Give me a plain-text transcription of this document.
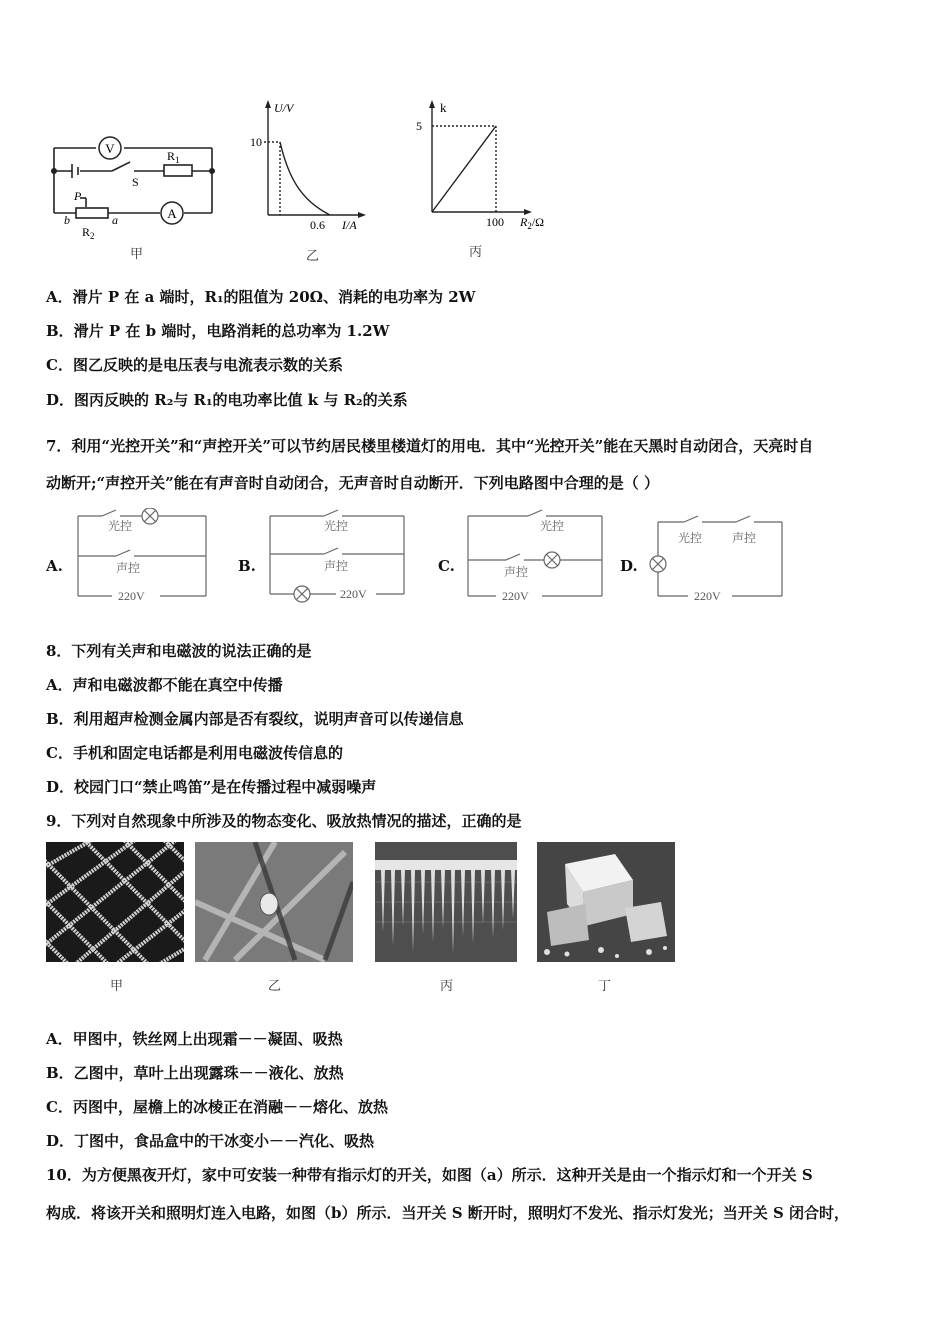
V
A
S
$R_1$
P
b	a
$R_2$
甲
U/V
I/A
10
0.6
乙
k
5
100 $R_2/\Omega$
丙
A．滑片 P 在 a 端时，R₁的阻值为 20Ω、消耗的电功率为 2W
B．滑片 P 在 b 端时，电路消耗的总功率为 1.2W
C．图乙反映的是电压表与电流表示数的关系
D．图丙反映的 R₂与 R₁的电功率比值 k 与 R₂的关系
7．利用“光控开关”和“声控开关”可以节约居民楼里楼道灯的用电．其中“光控开关”能在天黑时自动闭合，天亮时自
动断开;“声控开关”能在有声音时自动闭合，无声音时自动断开．下列电路图中合理的是（ ）
A.
光控
声控
220V
B.
光控
声控
220V
C.
光控
声控
220V
D.
光控 声控
220V
8．下列有关声和电磁波的说法正确的是
A．声和电磁波都不能在真空中传播
B．利用超声检测金属内部是否有裂纹，说明声音可以传递信息
C．手机和固定电话都是利用电磁波传信息的
D．校园门口“禁止鸣笛”是在传播过程中减弱噪声
9．下列对自然现象中所涉及的物态变化、吸放热情况的描述，正确的是
甲	乙	丙	丁
A．甲图中，铁丝网上出现霜－－凝固、吸热
B．乙图中，草叶上出现露珠－－液化、放热
C．丙图中，屋檐上的冰棱正在消融－－熔化、放热
D．丁图中，食品盒中的干冰变小－－汽化、吸热
10．为方便黑夜开灯，家中可安装一种带有指示灯的开关，如图（a）所示．这种开关是由一个指示灯和一个开关 S
构成．将该开关和照明灯连入电路，如图（b）所示．当开关 S 断开时，照明灯不发光、指示灯发光；当开关 S 闭合时，
